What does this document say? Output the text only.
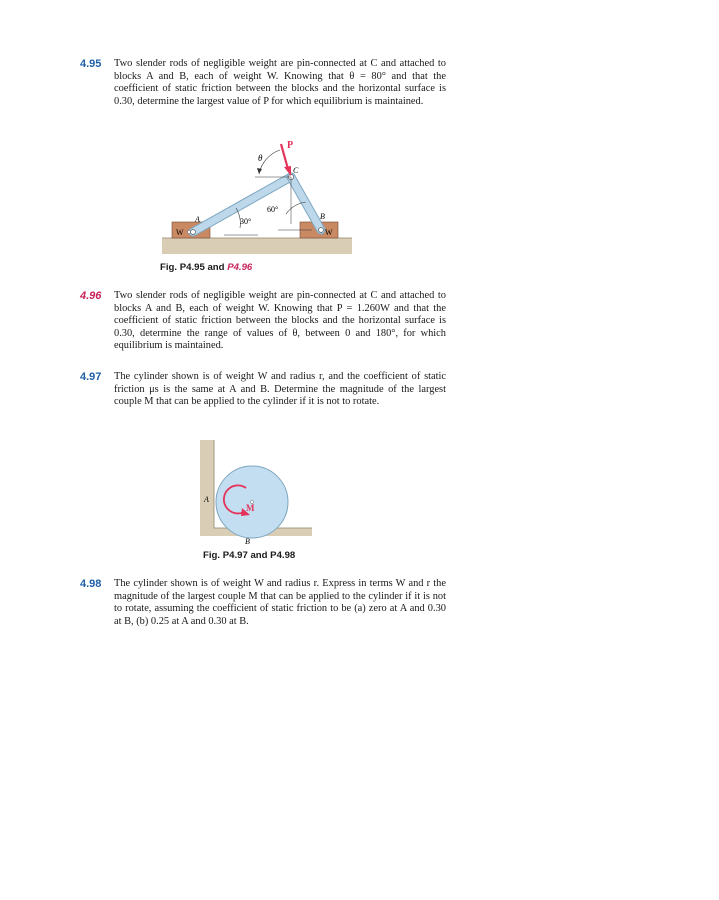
4.95 Two slender rods of negligible weight are pin-connected at C and attached to blocks A and B, each of weight W. Knowing that θ = 80° and that the coefficient of static friction between the blocks and the horizontal surface is 0.30, determine the largest value of P for which equilibrium is maintained.
P
θ
C
A	B
30°
60°
W	W
Fig. P4.95 and P4.96
4.96 Two slender rods of negligible weight are pin-connected at C and attached to blocks A and B, each of weight W. Knowing that P = 1.260W and that the coefficient of static friction between the blocks and the horizontal surface is 0.30, determine the range of values of θ, between 0 and 180°, for which equilibrium is maintained.
4.97 The cylinder shown is of weight W and radius r, and the coefficient of static friction μs is the same at A and B. Determine the magnitude of the largest couple M that can be applied to the cylinder if it is not to rotate.
A
M
B
Fig. P4.97 and P4.98
4.98 The cylinder shown is of weight W and radius r. Express in terms W and r the magnitude of the largest couple M that can be applied to the cylinder if it is not to rotate, assuming the coefficient of static friction to be (a) zero at A and 0.30 at B, (b) 0.25 at A and 0.30 at B.
